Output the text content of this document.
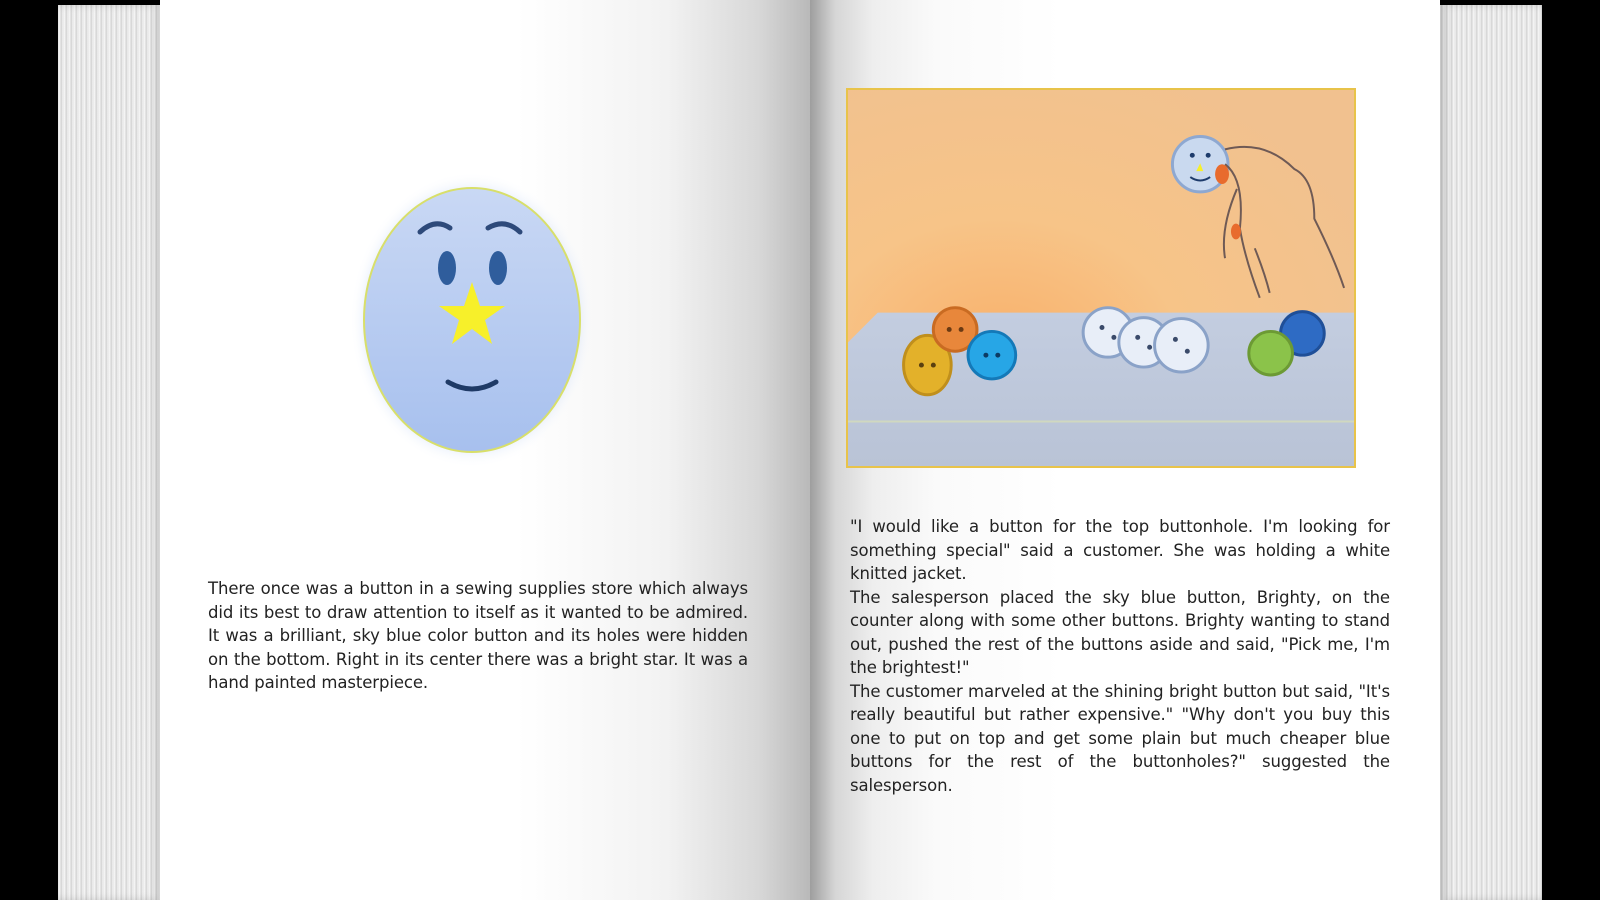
There once was a button in a sewing supplies store which always did its best to draw attention to itself as it wanted to be admired. It was a brilliant, sky blue color button and its holes were hidden on the bottom. Right in its center there was a bright star. It was a hand painted masterpiece.

"I would like a button for the top buttonhole. I'm looking for something special" said a customer. She was holding a white knitted jacket.

The salesperson placed the sky blue button, Brighty, on the counter along with some other buttons. Brighty wanting to stand out, pushed the rest of the buttons aside and said, "Pick me, I'm the brightest!"

The customer marveled at the shining bright button but said, "It's really beautiful but rather expensive." "Why don't you buy this one to put on top and get some plain but much cheaper blue buttons for the rest of the buttonholes?" suggested the salesperson.
